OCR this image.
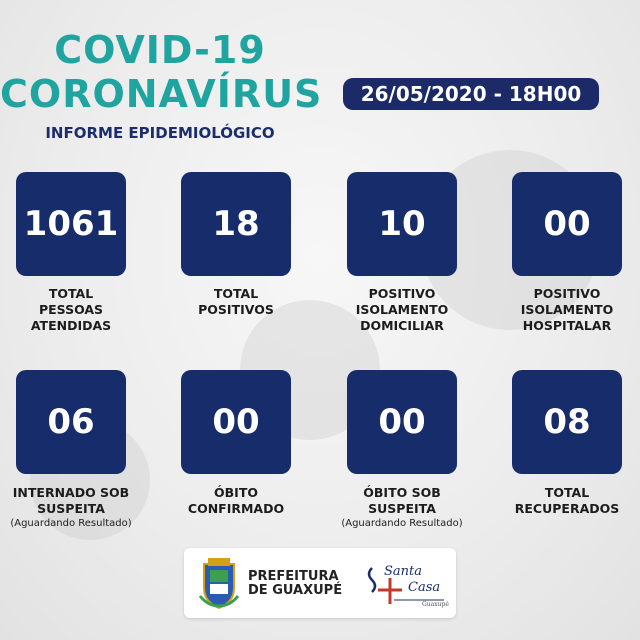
COVID-19
CORONAVÍRUS
INFORME EPIDEMIOLÓGICO
26/05/2020 - 18H00
1061
TOTAL
PESSOAS
ATENDIDAS
18
TOTAL
POSITIVOS
10
POSITIVO
ISOLAMENTO
DOMICILIAR
00
POSITIVO
ISOLAMENTO
HOSPITALAR
06
INTERNADO SOB
SUSPEITA
(Aguardando Resultado)
00
ÓBITO
CONFIRMADO
00
ÓBITO SOB
SUSPEITA
(Aguardando Resultado)
08
TOTAL
RECUPERADOS
PREFEITURA
DE GUAXUPÉ
Santa
Casa
Guaxupé
